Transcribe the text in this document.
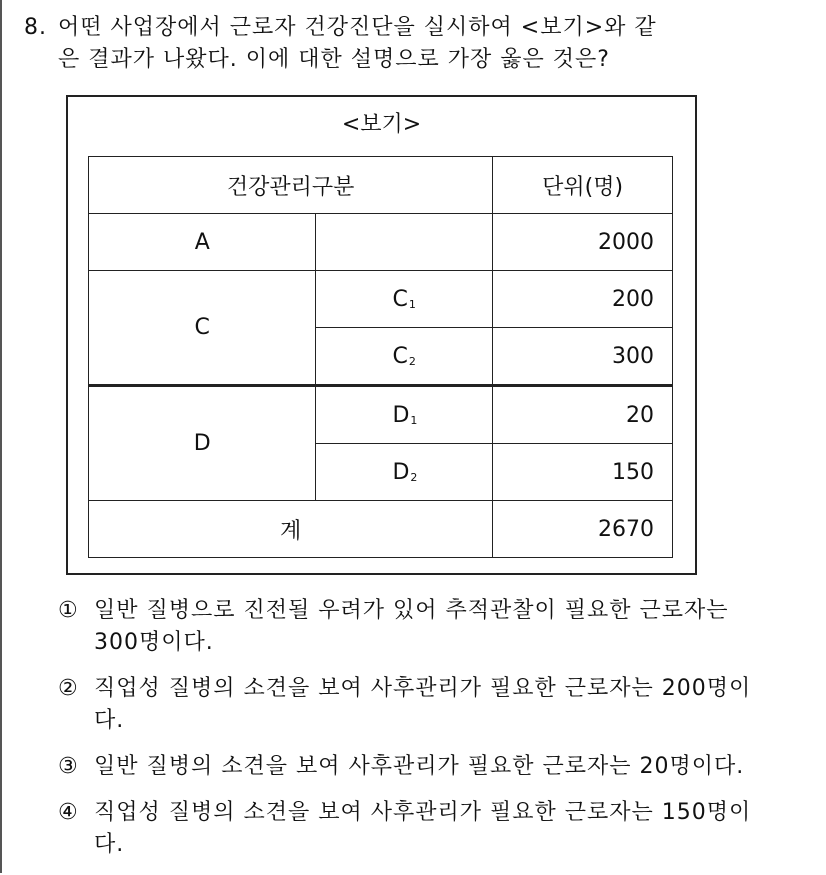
8. 어떤 사업장에서 근로자 건강진단을 실시하여 <보기>와 같
은 결과가 나왔다. 이에 대한 설명으로 가장 옳은 것은?
<보기>
건강관리구분		단위(명)
A		2000
C	$C_1$	200
	$C_2$	300
D	$D_1$	20
	$D_2$	150
계		2670
① 일반 질병으로 진전될 우려가 있어 추적관찰이 필요한 근로자는 300명이다.
② 직업성 질병의 소견을 보여 사후관리가 필요한 근로자는 200명이다.
③ 일반 질병의 소견을 보여 사후관리가 필요한 근로자는 20명이다.
④ 직업성 질병의 소견을 보여 사후관리가 필요한 근로자는 150명이다.
